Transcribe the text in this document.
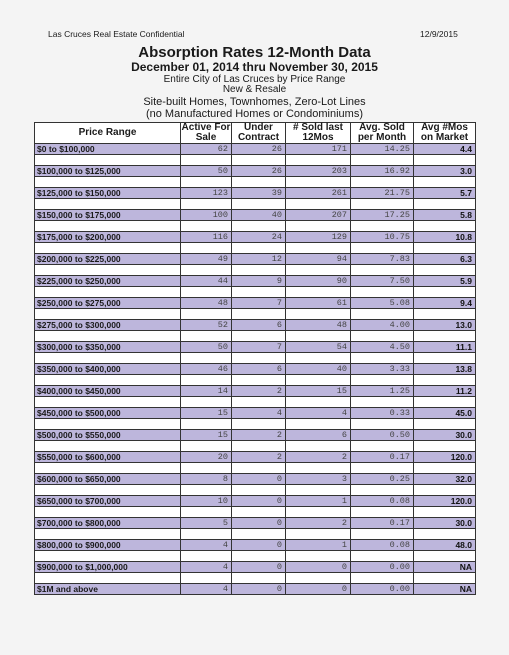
Las Cruces Real Estate Confidential	12/9/2015
Absorption Rates 12-Month Data
December 01, 2014 thru November 30, 2015
Entire City of Las Cruces by Price Range
New & Resale
Site-built Homes, Townhomes, Zero-Lot Lines
(no Manufactured Homes or Condominiums)
Price Range	Active For Sale	Under Contract	# Sold last 12Mos	Avg. Sold per Month	Avg #Mos on Market
$0 to $100,000	62	26	171	14.25	4.4

$100,000 to $125,000	50	26	203	16.92	3.0

$125,000 to $150,000	123	39	261	21.75	5.7

$150,000 to $175,000	100	40	207	17.25	5.8

$175,000 to $200,000	116	24	129	10.75	10.8

$200,000 to $225,000	49	12	94	7.83	6.3

$225,000 to $250,000	44	9	90	7.50	5.9

$250,000 to $275,000	48	7	61	5.08	9.4

$275,000 to $300,000	52	6	48	4.00	13.0

$300,000 to $350,000	50	7	54	4.50	11.1

$350,000 to $400,000	46	6	40	3.33	13.8

$400,000 to $450,000	14	2	15	1.25	11.2

$450,000 to $500,000	15	4	4	0.33	45.0

$500,000 to $550,000	15	2	6	0.50	30.0

$550,000 to $600,000	20	2	2	0.17	120.0

$600,000 to $650,000	8	0	3	0.25	32.0

$650,000 to $700,000	10	0	1	0.08	120.0

$700,000 to $800,000	5	0	2	0.17	30.0

$800,000 to $900,000	4	0	1	0.08	48.0

$900,000 to $1,000,000	4	0	0	0.00	NA

$1M and above	4	0	0	0.00	NA
